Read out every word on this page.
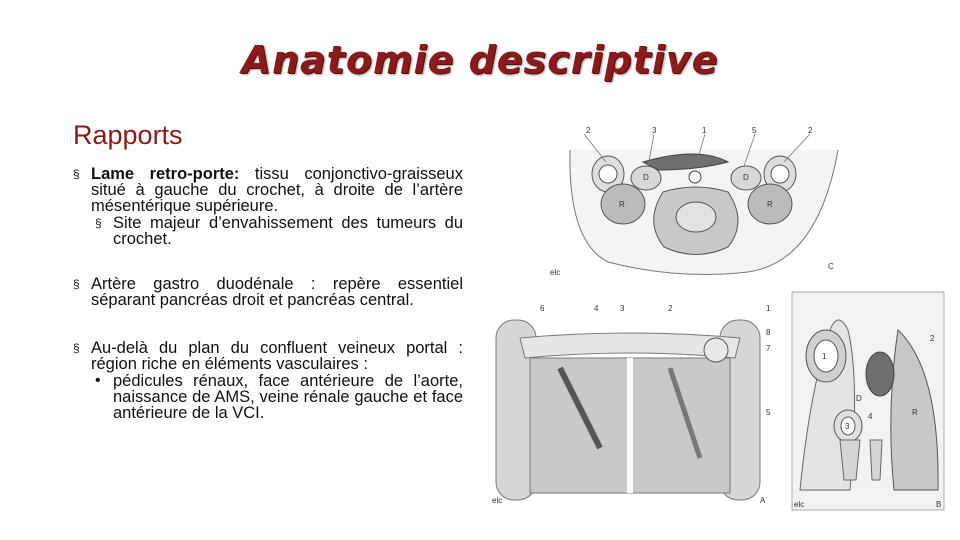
Anatomie descriptive
Rapports
§ Lame retro-porte: tissu conjonctivo-graisseux situé à gauche du crochet, à droite de l’artère mésentérique supérieure.
§ Site majeur d’envahissement des tumeurs du crochet.
§ Artère gastro duodénale : repère essentiel séparant pancréas droit et pancréas central.
§ Au-delà du plan du confluent veineux portal : région riche en éléments vasculaires :
• pédicules rénaux, face antérieure de l’aorte, naissance de AMS, veine rénale gauche et face antérieure de la VCI.
2	3	1	5	2
D	D
R	R
C
elc
6	4	3	2	1
8
7
5
A
elc
2
1
3
4
D
R
B
elc
